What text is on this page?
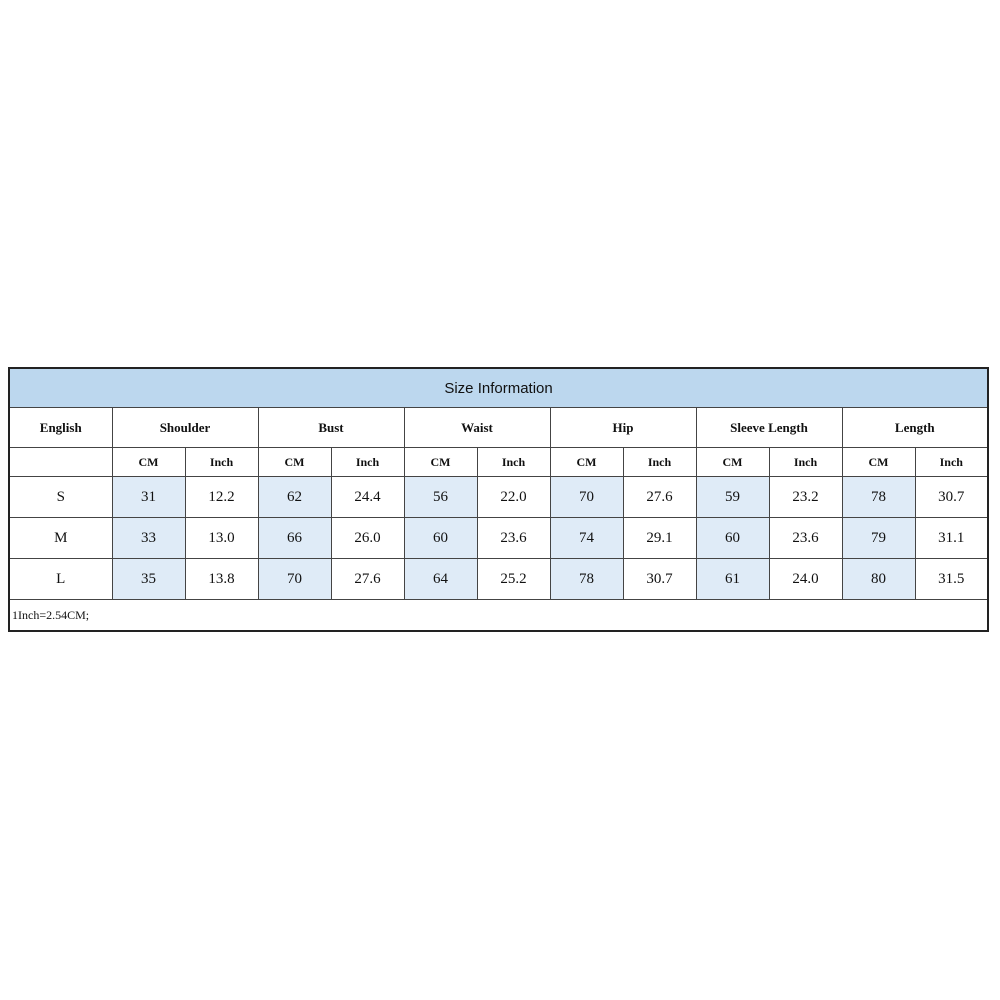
Size Information												
English	Shoulder		Bust		Waist		Hip		Sleeve Length		Length	
	CM	Inch	CM	Inch	CM	Inch	CM	Inch	CM	Inch	CM	Inch
S	31	12.2	62	24.4	56	22.0	70	27.6	59	23.2	78	30.7
M	33	13.0	66	26.0	60	23.6	74	29.1	60	23.6	79	31.1
L	35	13.8	70	27.6	64	25.2	78	30.7	61	24.0	80	31.5
1Inch=2.54CM;												
